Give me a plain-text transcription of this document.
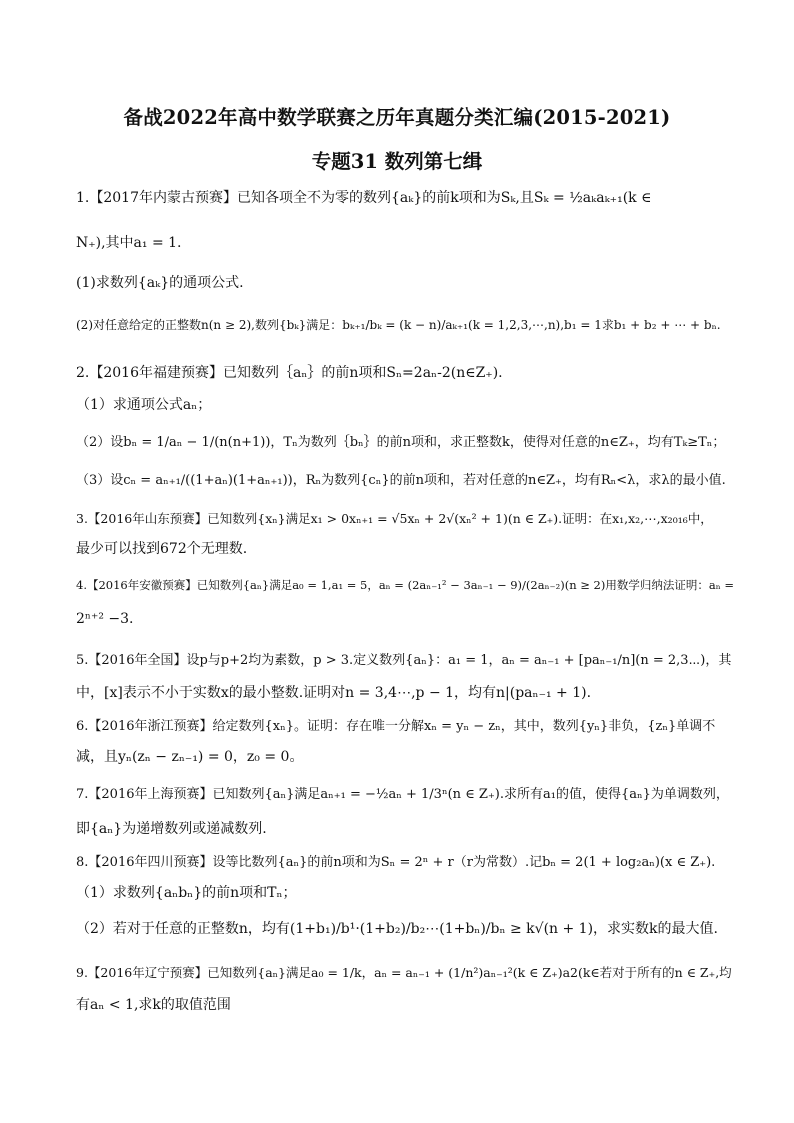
备战2022年高中数学联赛之历年真题分类汇编(2015-2021)
专题31 数列第七缉
1.【2017年内蒙古预赛】已知各项全不为零的数列{aₖ}的前k项和为Sₖ,且Sₖ = ½aₖaₖ₊₁(k ∈
N₊),其中a₁ = 1.
(1)求数列{aₖ}的通项公式.
(2)对任意给定的正整数n(n ≥ 2),数列{bₖ}满足：bₖ₊₁/bₖ = (k − n)/aₖ₊₁(k = 1,2,3,⋯,n),b₁ = 1求b₁ + b₂ + ⋯ + bₙ.
2.【2016年福建预赛】已知数列｛aₙ｝的前n项和Sₙ=2aₙ-2(n∈Z₊).
（1）求通项公式aₙ；
（2）设bₙ = 1/aₙ − 1/(n(n+1))，Tₙ为数列｛bₙ｝的前n项和，求正整数k，使得对任意的n∈Z₊，均有Tₖ≥Tₙ；
（3）设cₙ = aₙ₊₁/((1+aₙ)(1+aₙ₊₁))，Rₙ为数列{cₙ}的前n项和，若对任意的n∈Z₊，均有Rₙ<λ，求λ的最小值.
3.【2016年山东预赛】已知数列{xₙ}满足x₁ > 0xₙ₊₁ = √5xₙ + 2√(xₙ² + 1)(n ∈ Z₊).证明：在x₁,x₂,⋯,x₂₀₁₆中，
最少可以找到672个无理数.
4.【2016年安徽预赛】已知数列{aₙ}满足a₀ = 1,a₁ = 5，aₙ = (2aₙ₋₁² − 3aₙ₋₁ − 9)/(2aₙ₋₂)(n ≥ 2)用数学归纳法证明：aₙ =
2ⁿ⁺² −3.
5.【2016年全国】设p与p+2均为素数，p > 3.定义数列{aₙ}：a₁ = 1，aₙ = aₙ₋₁ + [paₙ₋₁/n](n = 2,3⋯)，其
中，[x]表示不小于实数x的最小整数.证明对n = 3,4⋯,p − 1，均有n|(paₙ₋₁ + 1).
6.【2016年浙江预赛】给定数列{xₙ}。证明：存在唯一分解xₙ = yₙ − zₙ，其中，数列{yₙ}非负，{zₙ}单调不
减，且yₙ(zₙ − zₙ₋₁) = 0，z₀ = 0。
7.【2016年上海预赛】已知数列{aₙ}满足aₙ₊₁ = −½aₙ + 1/3ⁿ(n ∈ Z₊).求所有a₁的值，使得{aₙ}为单调数列，
即{aₙ}为递增数列或递减数列.
8.【2016年四川预赛】设等比数列{aₙ}的前n项和为Sₙ = 2ⁿ + r（r为常数）.记bₙ = 2(1 + log₂aₙ)(x ∈ Z₊).
（1）求数列{aₙbₙ}的前n项和Tₙ；
（2）若对于任意的正整数n，均有(1+b₁)/b¹·(1+b₂)/b₂⋯(1+bₙ)/bₙ ≥ k√(n + 1)，求实数k的最大值.
9.【2016年辽宁预赛】已知数列{aₙ}满足a₀ = 1/k，aₙ = aₙ₋₁ + (1/n²)aₙ₋₁²(k ∈ Z₊)a2(k∈若对于所有的n ∈ Z₊,均
有aₙ < 1,求k的取值范围
